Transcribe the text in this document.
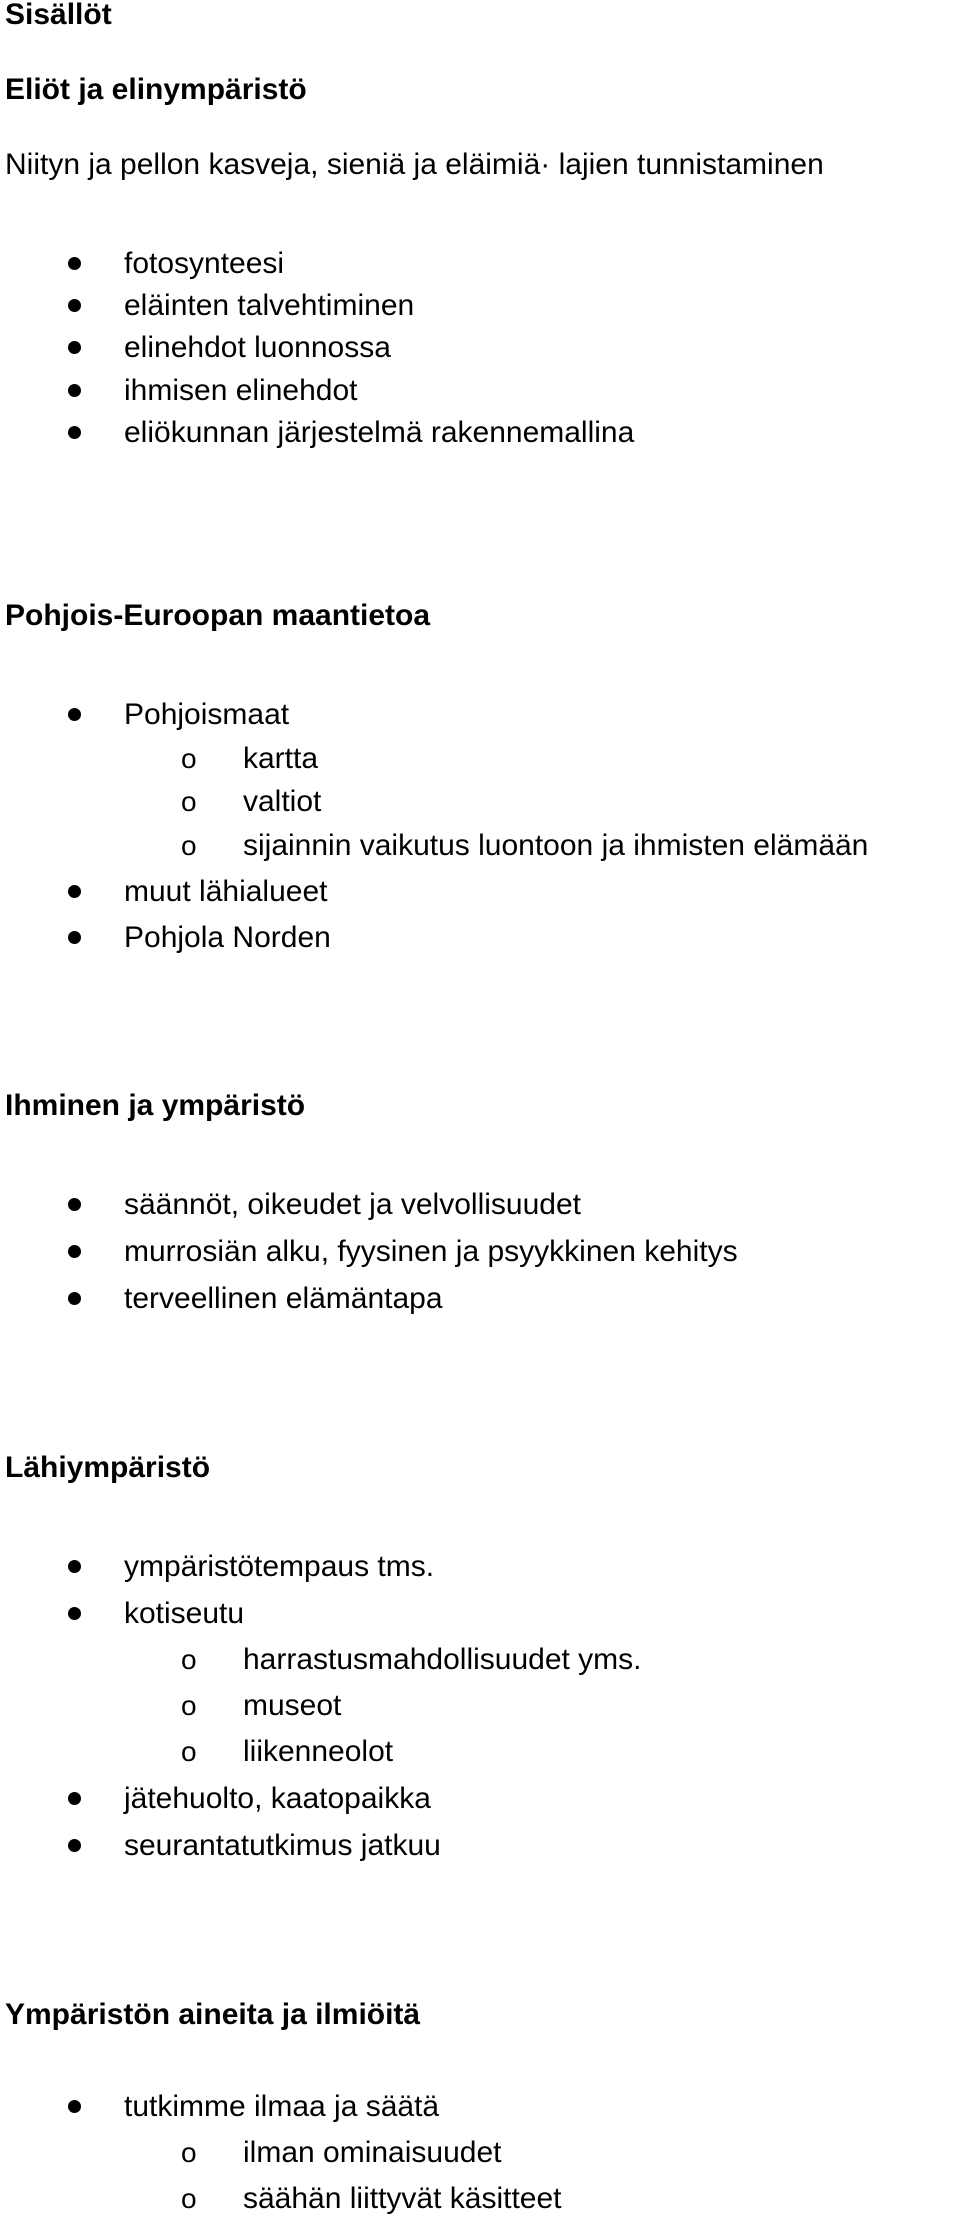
Sisällöt
Eliöt ja elinympäristö
Niityn ja pellon kasveja, sieniä ja eläimiä· lajien tunnistaminen
fotosynteesi
eläinten talvehtiminen
elinehdot luonnossa
ihmisen elinehdot
eliökunnan järjestelmä rakennemallina
Pohjois-Euroopan maantietoa
Pohjoismaat
o	kartta
o	valtiot
o	sijainnin vaikutus luontoon ja ihmisten elämään
muut lähialueet
Pohjola Norden
Ihminen ja ympäristö
säännöt, oikeudet ja velvollisuudet
murrosiän alku, fyysinen ja psyykkinen kehitys
terveellinen elämäntapa
Lähiympäristö
ympäristötempaus tms.
kotiseutu
o	harrastusmahdollisuudet yms.
o	museot
o	liikenneolot
jätehuolto, kaatopaikka
seurantatutkimus jatkuu
Ympäristön aineita ja ilmiöitä
tutkimme ilmaa ja säätä
o	ilman ominaisuudet
o	säähän liittyvät käsitteet
